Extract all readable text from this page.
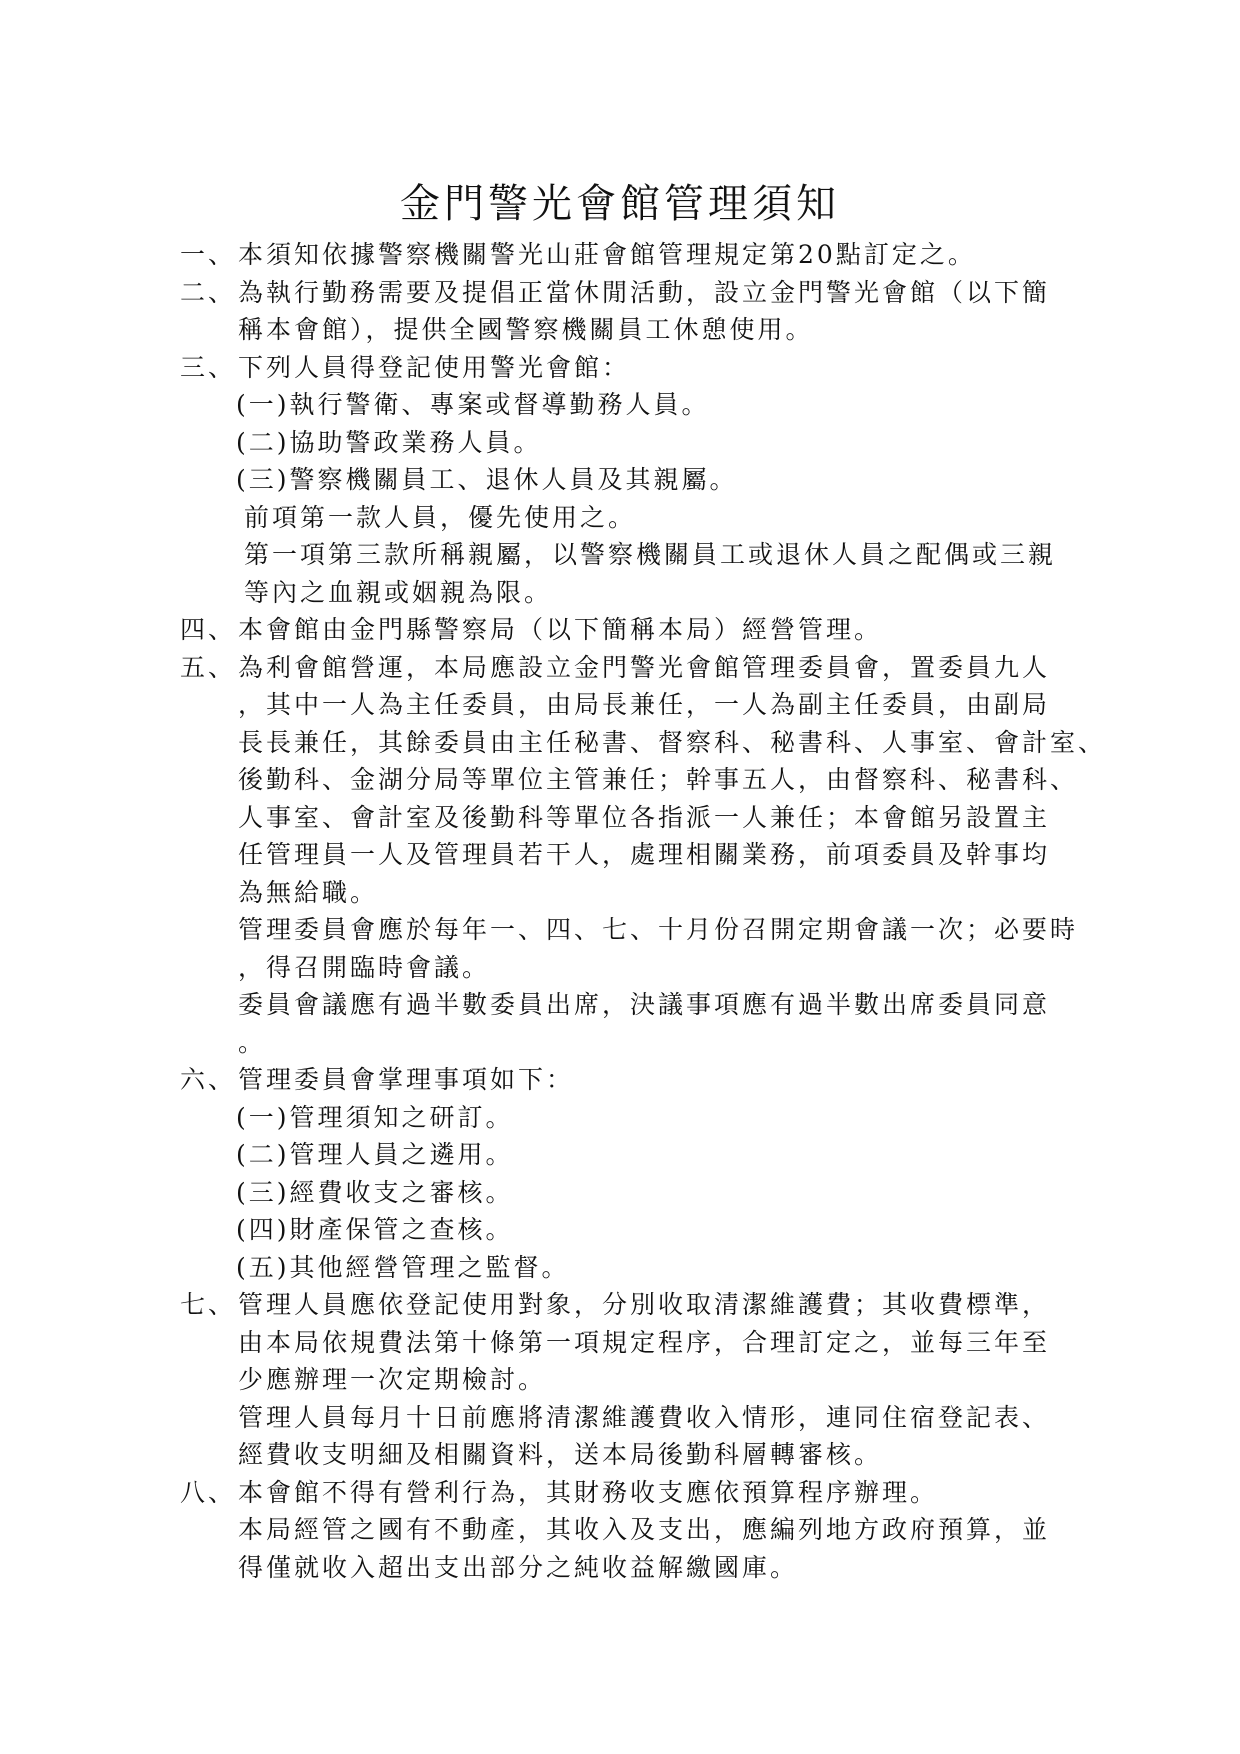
金門警光會館管理須知
一、 本須知依據警察機關警光山莊會館管理規定第20點訂定之。
二、 為執行勤務需要及提倡正當休閒活動，設立金門警光會館（以下簡
稱本會館），提供全國警察機關員工休憩使用。
三、 下列人員得登記使用警光會館：
(一)執行警衛、專案或督導勤務人員。
(二)協助警政業務人員。
(三)警察機關員工、退休人員及其親屬。
前項第一款人員，優先使用之。
第一項第三款所稱親屬，以警察機關員工或退休人員之配偶或三親
等內之血親或姻親為限。
四、 本會館由金門縣警察局（以下簡稱本局）經營管理。
五、 為利會館營運，本局應設立金門警光會館管理委員會，置委員九人
，其中一人為主任委員，由局長兼任，一人為副主任委員，由副局
長長兼任，其餘委員由主任秘書、督察科、秘書科、人事室、會計室、
後勤科、金湖分局等單位主管兼任；幹事五人，由督察科、秘書科、
人事室、會計室及後勤科等單位各指派一人兼任；本會館另設置主
任管理員一人及管理員若干人，處理相關業務，前項委員及幹事均
為無給職。
管理委員會應於每年一、四、七、十月份召開定期會議一次；必要時
，得召開臨時會議。
委員會議應有過半數委員出席，決議事項應有過半數出席委員同意
。
六、 管理委員會掌理事項如下：
(一)管理須知之研訂。
(二)管理人員之遴用。
(三)經費收支之審核。
(四)財產保管之查核。
(五)其他經營管理之監督。
七、 管理人員應依登記使用對象，分別收取清潔維護費；其收費標準，
由本局依規費法第十條第一項規定程序，合理訂定之，並每三年至
少應辦理一次定期檢討。
管理人員每月十日前應將清潔維護費收入情形，連同住宿登記表、
經費收支明細及相關資料，送本局後勤科層轉審核。
八、 本會館不得有營利行為，其財務收支應依預算程序辦理。
本局經管之國有不動產，其收入及支出，應編列地方政府預算，並
得僅就收入超出支出部分之純收益解繳國庫。
